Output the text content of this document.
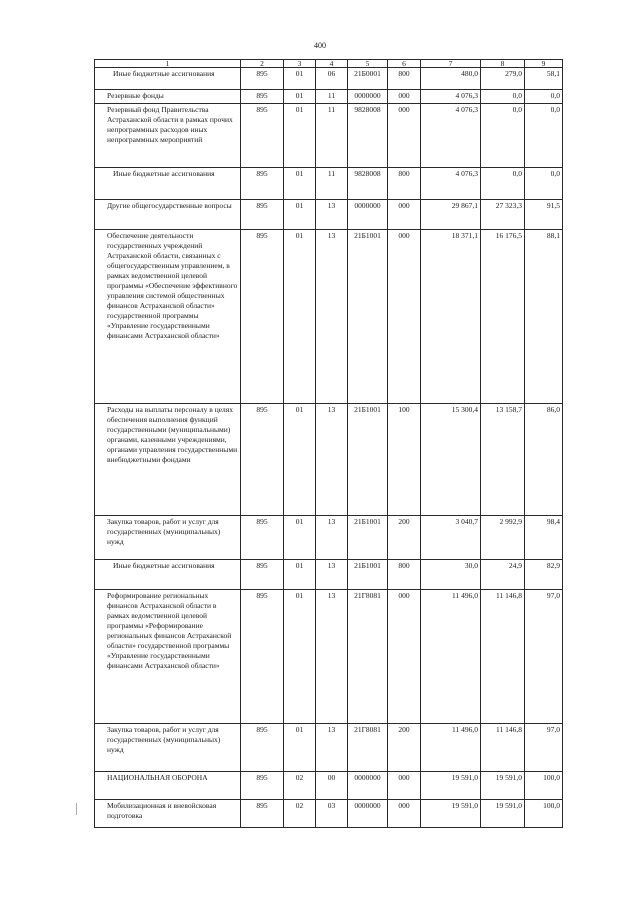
400
1	2	3	4	5	6	7	8	9
Иные бюджетные ассигнования	895	01	06	21Б0001	800	480,0	279,0	58,1
Резервные фонды	895	01	11	0000000	000	4 076,3	0,0	0,0
Резервный фонд Правительства Астраханской области в рамках прочих непрограммных расходов иных непрограммных мероприятий	895	01	11	9828008	000	4 076,3	0,0	0,0
Иные бюджетные ассигнования	895	01	11	9828008	800	4 076,3	0,0	0,0
Другие общегосударственные вопросы	895	01	13	0000000	000	29 867,1	27 323,3	91,5
Обеспечение деятельности государственных учреждений Астраханской области, связанных с общегосударственным управлением, в рамках ведомственной целевой программы «Обеспечение эффективного управления системой общественных финансов Астраханской области» государственной программы «Управление государственными финансами Астраханской области»	895	01	13	21Б1001	000	18 371,1	16 176,5	88,1
Расходы на выплаты персоналу в целях обеспечения выполнения функций государственными (муниципальными) органами, казенными учреждениями, органами управления государственными внебюджетными фондами	895	01	13	21Б1001	100	15 300,4	13 158,7	86,0
Закупка товаров, работ и услуг для государственных (муниципальных) нужд	895	01	13	21Б1001	200	3 040,7	2 992,9	98,4
Иные бюджетные ассигнования	895	01	13	21Б1001	800	30,0	24,9	82,9
Реформирование региональных финансов Астраханской области в рамках ведомственной целевой программы «Реформирование региональных финансов Астраханской области» государственной программы «Управление государственными финансами Астраханской области»	895	01	13	21Г8081	000	11 496,0	11 146,8	97,0
Закупка товаров, работ и услуг для государственных (муниципальных) нужд	895	01	13	21Г8081	200	11 496,0	11 146,8	97,0
НАЦИОНАЛЬНАЯ ОБОРОНА	895	02	00	0000000	000	19 591,0	19 591,0	100,0
Мобилизационная и вневойсковая подготовка	895	02	03	0000000	000	19 591,0	19 591,0	100,0
